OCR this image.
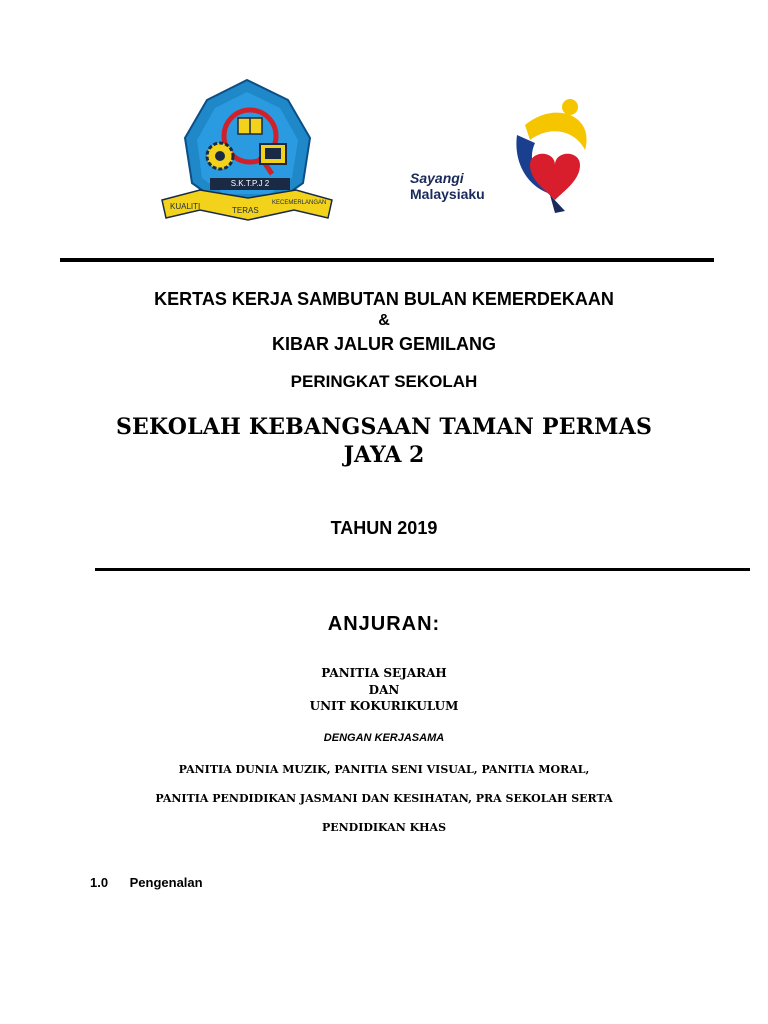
S.K.T.P.J 2
KUALITI	TERAS
KECEMERLANGAN
Sayangi
Malaysiaku
KERTAS KERJA SAMBUTAN BULAN KEMERDEKAAN
&
KIBAR JALUR GEMILANG
PERINGKAT SEKOLAH
SEKOLAH KEBANGSAAN TAMAN PERMAS
JAYA 2
TAHUN 2019
ANJURAN:
PANITIA SEJARAH
DAN
UNIT KOKURIKULUM
DENGAN KERJASAMA
PANITIA DUNIA MUZIK, PANITIA SENI VISUAL, PANITIA MORAL,
PANITIA PENDIDIKAN JASMANI DAN KESIHATAN, PRA SEKOLAH SERTA
PENDIDIKAN KHAS
1.0 Pengenalan
